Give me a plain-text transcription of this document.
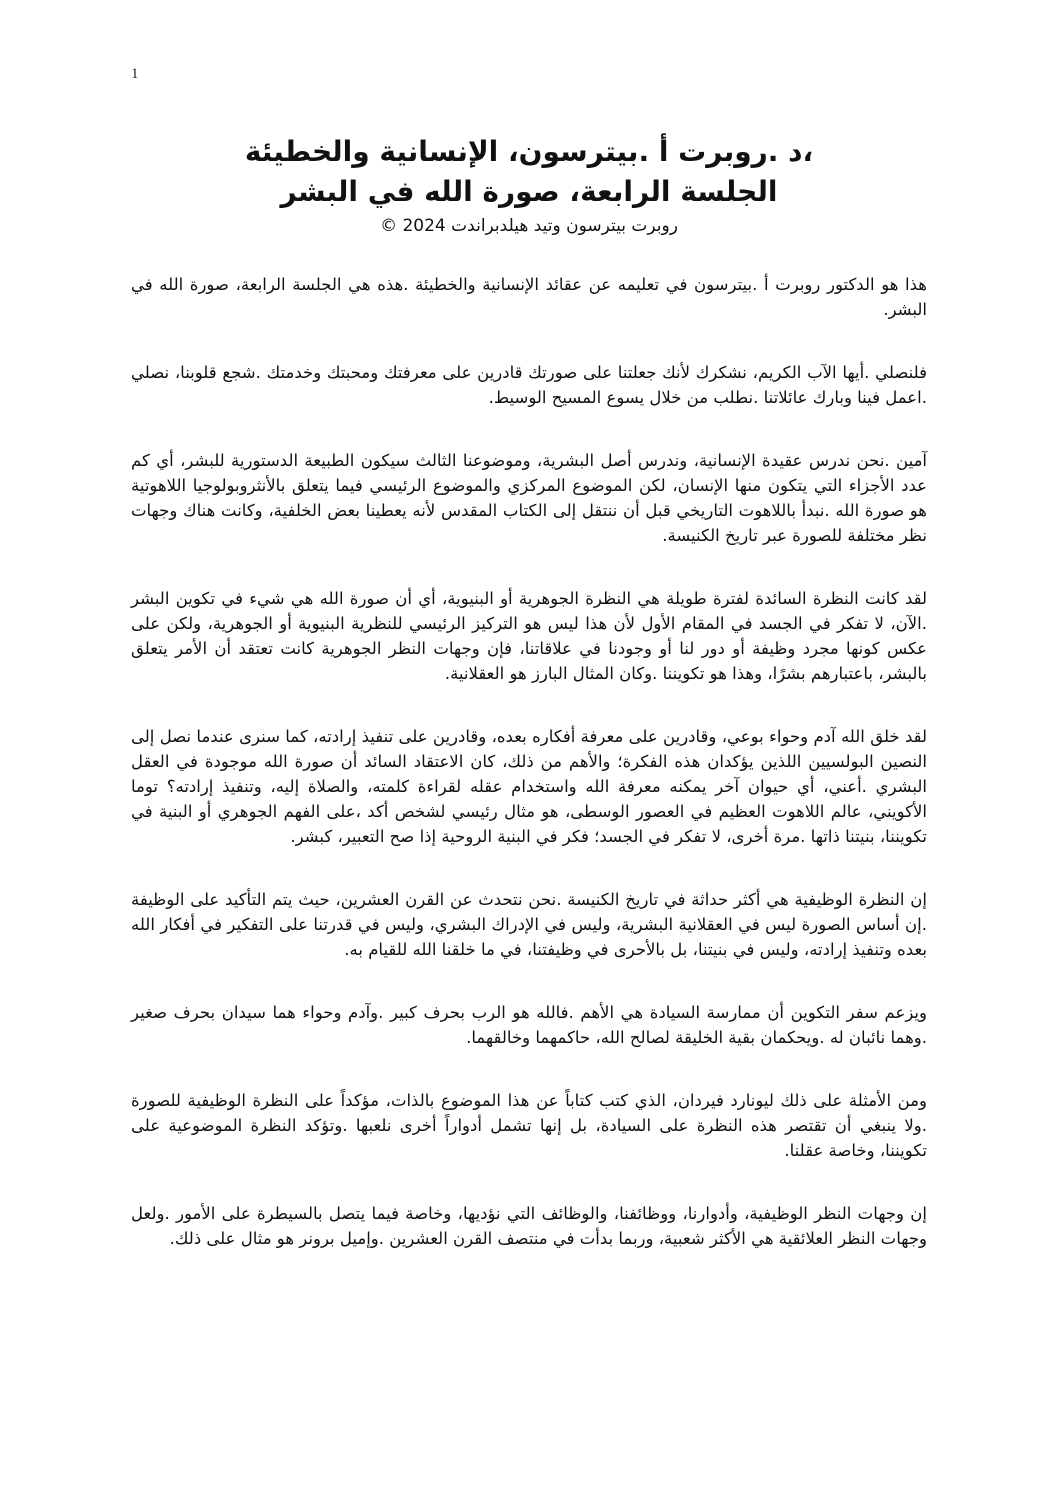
1
،د .روبرت أ .بيترسون، الإنسانية والخطيئة
الجلسة الرابعة، صورة الله في البشر
روبرت بيترسون وتيد هيلدبراندت 2024 ©

هذا هو الدكتور روبرت أ .بيترسون في تعليمه عن عقائد الإنسانية والخطيئة .هذه هي الجلسة الرابعة، صورة الله في البشر.

فلنصلي .أيها الآب الكريم، نشكرك لأنك جعلتنا على صورتك قادرين على معرفتك ومحبتك وخدمتك .شجع قلوبنا، نصلي .اعمل فينا وبارك عائلاتنا .نطلب من خلال يسوع المسيح الوسيط.

آمين .نحن ندرس عقيدة الإنسانية، وندرس أصل البشرية، وموضوعنا الثالث سيكون الطبيعة الدستورية للبشر، أي كم عدد الأجزاء التي يتكون منها الإنسان، لكن الموضوع المركزي والموضوع الرئيسي فيما يتعلق بالأنثروبولوجيا اللاهوتية هو صورة الله .نبدأ باللاهوت التاريخي قبل أن ننتقل إلى الكتاب المقدس لأنه يعطينا بعض الخلفية، وكانت هناك وجهات نظر مختلفة للصورة عبر تاريخ الكنيسة.

لقد كانت النظرة السائدة لفترة طويلة هي النظرة الجوهرية أو البنيوية، أي أن صورة الله هي شيء في تكوين البشر .الآن، لا تفكر في الجسد في المقام الأول لأن هذا ليس هو التركيز الرئيسي للنظرية البنيوية أو الجوهرية، ولكن على عكس كونها مجرد وظيفة أو دور لنا أو وجودنا في علاقاتنا، فإن وجهات النظر الجوهرية كانت تعتقد أن الأمر يتعلق بالبشر، باعتبارهم بشرًا، وهذا هو تكويننا .وكان المثال البارز هو العقلانية.

لقد خلق الله آدم وحواء بوعي، وقادرين على معرفة أفكاره بعده، وقادرين على تنفيذ إرادته، كما سنرى عندما نصل إلى النصين البولسيين اللذين يؤكدان هذه الفكرة؛ والأهم من ذلك، كان الاعتقاد السائد أن صورة الله موجودة في العقل البشري .أعني، أي حيوان آخر يمكنه معرفة الله واستخدام عقله لقراءة كلمته، والصلاة إليه، وتنفيذ إرادته؟ توما الأكويني، عالم اللاهوت العظيم في العصور الوسطى، هو مثال رئيسي لشخص أكد ،على الفهم الجوهري أو البنية في تكويننا، بنيتنا ذاتها .مرة أخرى، لا تفكر في الجسد؛ فكر في البنية الروحية إذا صح التعبير، كبشر.

إن النظرة الوظيفية هي أكثر حداثة في تاريخ الكنيسة .نحن نتحدث عن القرن العشرين، حيث يتم التأكيد على الوظيفة .إن أساس الصورة ليس في العقلانية البشرية، وليس في الإدراك البشري، وليس في قدرتنا على التفكير في أفكار الله بعده وتنفيذ إرادته، وليس في بنيتنا، بل بالأحرى في وظيفتنا، في ما خلقنا الله للقيام به.

ويزعم سفر التكوين أن ممارسة السيادة هي الأهم .فالله هو الرب بحرف كبير .وآدم وحواء هما سيدان بحرف صغير .وهما نائبان له .ويحكمان بقية الخليقة لصالح الله، حاكمهما وخالقهما.

ومن الأمثلة على ذلك ليونارد فيردان، الذي كتب كتاباً عن هذا الموضوع بالذات، مؤكداً على النظرة الوظيفية للصورة .ولا ينبغي أن تقتصر هذه النظرة على السيادة، بل إنها تشمل أدواراً أخرى نلعبها .وتؤكد النظرة الموضوعية على تكويننا، وخاصة عقلنا.

إن وجهات النظر الوظيفية، وأدوارنا، ووظائفنا، والوظائف التي نؤديها، وخاصة فيما يتصل بالسيطرة على الأمور .ولعل وجهات النظر العلائقية هي الأكثر شعبية، وربما بدأت في منتصف القرن العشرين .وإميل برونر هو مثال على ذلك.
